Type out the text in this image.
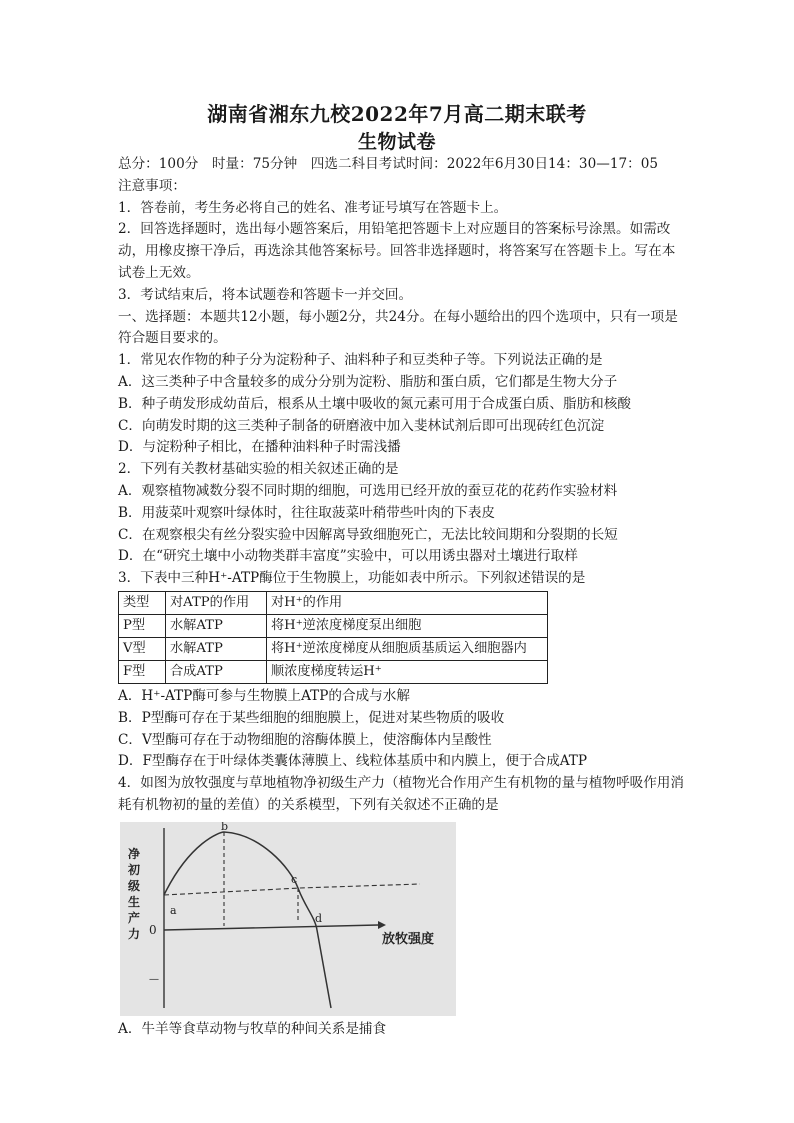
湖南省湘东九校2022年7月高二期末联考
生物试卷

总分：100分　时量：75分钟　四选二科目考试时间：2022年6月30日14：30—17：05

注意事项：

1．答卷前，考生务必将自己的姓名、准考证号填写在答题卡上。

2．回答选择题时，选出每小题答案后，用铅笔把答题卡上对应题目的答案标号涂黑。如需改动，用橡皮擦干净后，再选涂其他答案标号。回答非选择题时，将答案写在答题卡上。写在本试卷上无效。

3．考试结束后，将本试题卷和答题卡一并交回。

一、选择题：本题共12小题，每小题2分，共24分。在每小题给出的四个选项中，只有一项是符合题目要求的。

1．常见农作物的种子分为淀粉种子、油料种子和豆类种子等。下列说法正确的是

A．这三类种子中含量较多的成分分别为淀粉、脂肪和蛋白质，它们都是生物大分子

B．种子萌发形成幼苗后，根系从土壤中吸收的氮元素可用于合成蛋白质、脂肪和核酸

C．向萌发时期的这三类种子制备的研磨液中加入斐林试剂后即可出现砖红色沉淀

D．与淀粉种子相比，在播种油料种子时需浅播

2．下列有关教材基础实验的相关叙述正确的是

A．观察植物减数分裂不同时期的细胞，可选用已经开放的蚕豆花的花药作实验材料

B．用菠菜叶观察叶绿体时，往往取菠菜叶稍带些叶肉的下表皮

C．在观察根尖有丝分裂实验中因解离导致细胞死亡，无法比较间期和分裂期的长短

D．在“研究土壤中小动物类群丰富度”实验中，可以用诱虫器对土壤进行取样

3．下表中三种H⁺-ATP酶位于生物膜上，功能如表中所示。下列叙述错误的是

类型	对ATP的作用	对H⁺的作用
P型	水解ATP	将H⁺逆浓度梯度泵出细胞
V型	水解ATP	将H⁺逆浓度梯度从细胞质基质运入细胞器内
F型	合成ATP	顺浓度梯度转运H⁺

A．H⁺-ATP酶可参与生物膜上ATP的合成与水解

B．P型酶可存在于某些细胞的细胞膜上，促进对某些物质的吸收

C．V型酶可存在于动物细胞的溶酶体膜上，使溶酶体内呈酸性

D．F型酶存在于叶绿体类囊体薄膜上、线粒体基质中和内膜上，便于合成ATP

4．如图为放牧强度与草地植物净初级生产力（植物光合作用产生有机物的量与植物呼吸作用消耗有机物初的量的差值）的关系模型，下列有关叙述不正确的是

净
初
级
生
产
力 0
—
放牧强度
a
b
c
d

A．牛羊等食草动物与牧草的种间关系是捕食
